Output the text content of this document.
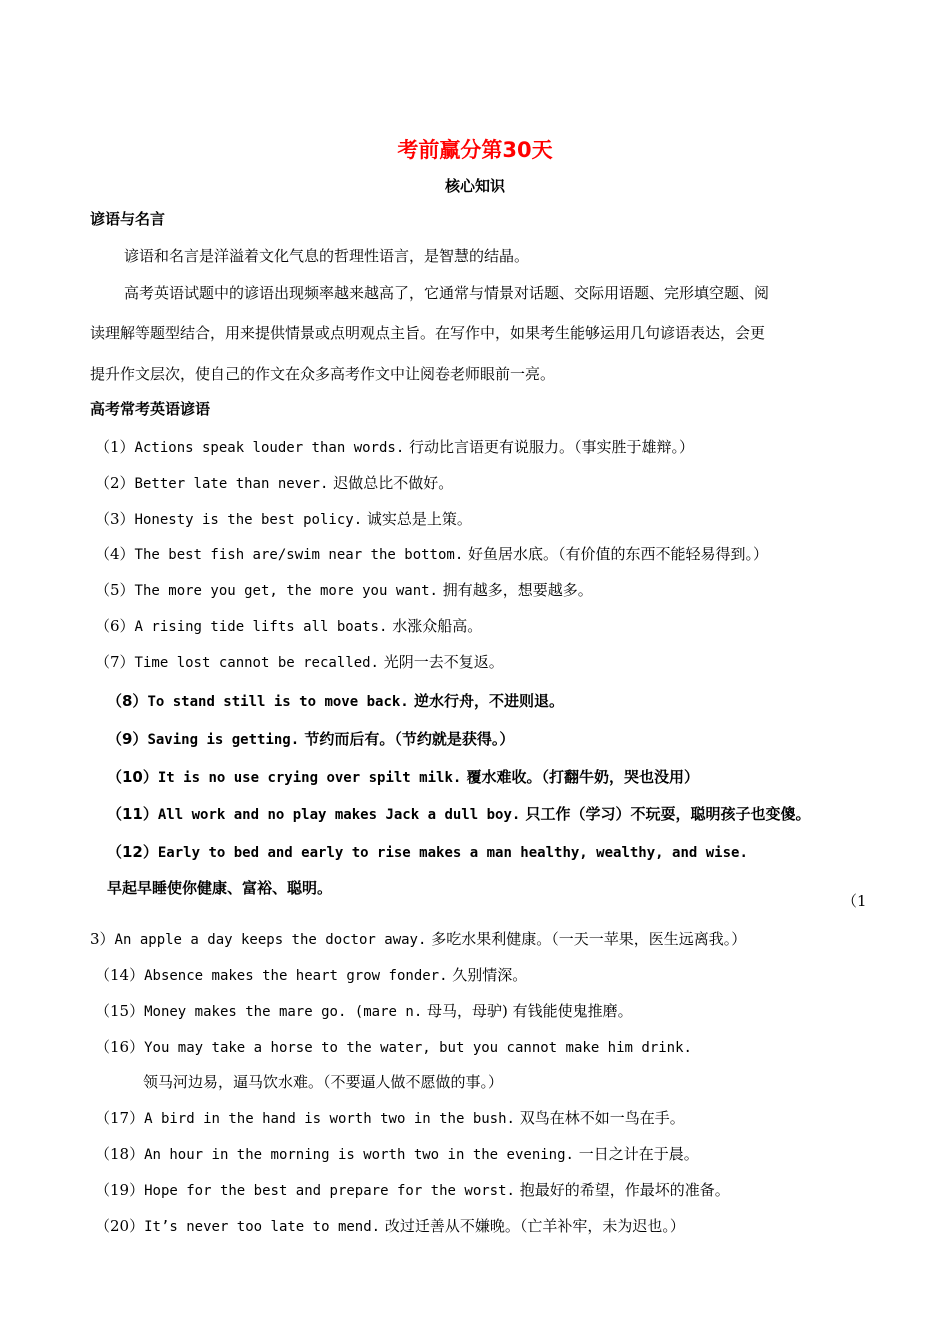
考前赢分第30天
核心知识
谚语与名言
谚语和名言是洋溢着文化气息的哲理性语言，是智慧的结晶。
高考英语试题中的谚语出现频率越来越高了，它通常与情景对话题、交际用语题、完形填空题、阅
读理解等题型结合，用来提供情景或点明观点主旨。在写作中，如果考生能够运用几句谚语表达，会更
提升作文层次，使自己的作文在众多高考作文中让阅卷老师眼前一亮。
高考常考英语谚语
（1）Actions speak louder than words. 行动比言语更有说服力。（事实胜于雄辩。）
（2）Better late than never. 迟做总比不做好。
（3）Honesty is the best policy. 诚实总是上策。
（4）The best fish are/swim near the bottom. 好鱼居水底。（有价值的东西不能轻易得到。）
（5）The more you get, the more you want. 拥有越多，想要越多。
（6）A rising tide lifts all boats. 水涨众船高。
（7）Time lost cannot be recalled. 光阴一去不复返。
（8）To stand still is to move back. 逆水行舟，不进则退。
（9）Saving is getting. 节约而后有。（节约就是获得。）
（10）It is no use crying over spilt milk. 覆水难收。（打翻牛奶，哭也没用）
（11）All work and no play makes Jack a dull boy. 只工作（学习）不玩耍，聪明孩子也变傻。
（12）Early to bed and early to rise makes a man healthy, wealthy, and wise.
早起早睡使你健康、富裕、聪明。
（1
3）An apple a day keeps the doctor away. 多吃水果利健康。（一天一苹果，医生远离我。）
（14）Absence makes the heart grow fonder. 久别情深。
（15）Money makes the mare go. (mare n. 母马，母驴) 有钱能使鬼推磨。
（16）You may take a horse to the water, but you cannot make him drink.
领马河边易，逼马饮水难。（不要逼人做不愿做的事。）
（17）A bird in the hand is worth two in the bush. 双鸟在林不如一鸟在手。
（18）An hour in the morning is worth two in the evening. 一日之计在于晨。
（19）Hope for the best and prepare for the worst. 抱最好的希望，作最坏的准备。
（20）It’s never too late to mend. 改过迁善从不嫌晚。（亡羊补牢，未为迟也。）
